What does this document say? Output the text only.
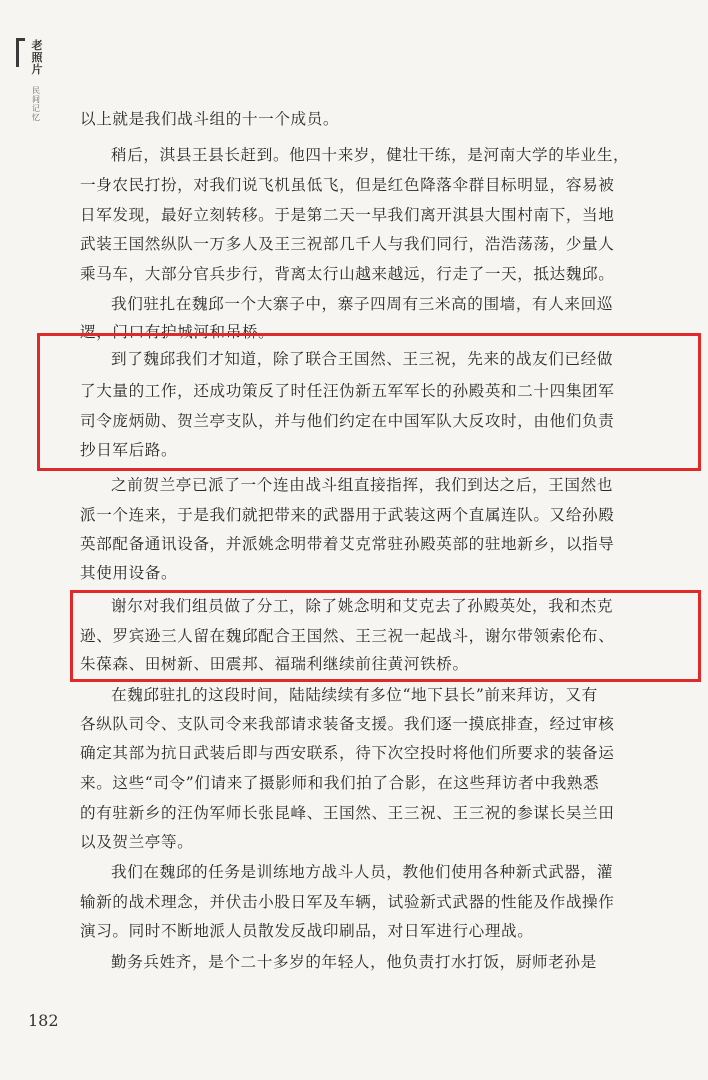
老
照
片
民
间
记
忆	以上就是我们战斗组的十一个成员。
稍后，淇县王县长赶到。他四十来岁，健壮干练，是河南大学的毕业生，
一身农民打扮，对我们说飞机虽低飞，但是红色降落伞群目标明显，容易被
日军发现，最好立刻转移。于是第二天一早我们离开淇县大围村南下，当地
武装王国然纵队一万多人及王三祝部几千人与我们同行，浩浩荡荡，少量人
乘马车，大部分官兵步行，背离太行山越来越远，行走了一天，抵达魏邱。
我们驻扎在魏邱一个大寨子中，寨子四周有三米高的围墙，有人来回巡
逻，门口有护城河和吊桥。
到了魏邱我们才知道，除了联合王国然、王三祝，先来的战友们已经做
了大量的工作，还成功策反了时任汪伪新五军军长的孙殿英和二十四集团军
司令庞炳勋、贺兰亭支队，并与他们约定在中国军队大反攻时，由他们负责
抄日军后路。
之前贺兰亭已派了一个连由战斗组直接指挥，我们到达之后，王国然也
派一个连来，于是我们就把带来的武器用于武装这两个直属连队。又给孙殿
英部配备通讯设备，并派姚念明带着艾克常驻孙殿英部的驻地新乡，以指导
其使用设备。
谢尔对我们组员做了分工，除了姚念明和艾克去了孙殿英处，我和杰克
逊、罗宾逊三人留在魏邱配合王国然、王三祝一起战斗，谢尔带领索伦布、
朱葆森、田树新、田震邦、福瑞利继续前往黄河铁桥。
在魏邱驻扎的这段时间，陆陆续续有多位“地下县长”前来拜访，又有
各纵队司令、支队司令来我部请求装备支援。我们逐一摸底排查，经过审核
确定其部为抗日武装后即与西安联系，待下次空投时将他们所要求的装备运
来。这些“司令”们请来了摄影师和我们拍了合影，在这些拜访者中我熟悉
的有驻新乡的汪伪军师长张昆峰、王国然、王三祝、王三祝的参谋长吴兰田
以及贺兰亭等。
我们在魏邱的任务是训练地方战斗人员，教他们使用各种新式武器，灌
输新的战术理念，并伏击小股日军及车辆，试验新式武器的性能及作战操作
演习。同时不断地派人员散发反战印刷品，对日军进行心理战。
勤务兵姓齐，是个二十多岁的年轻人，他负责打水打饭，厨师老孙是
182
